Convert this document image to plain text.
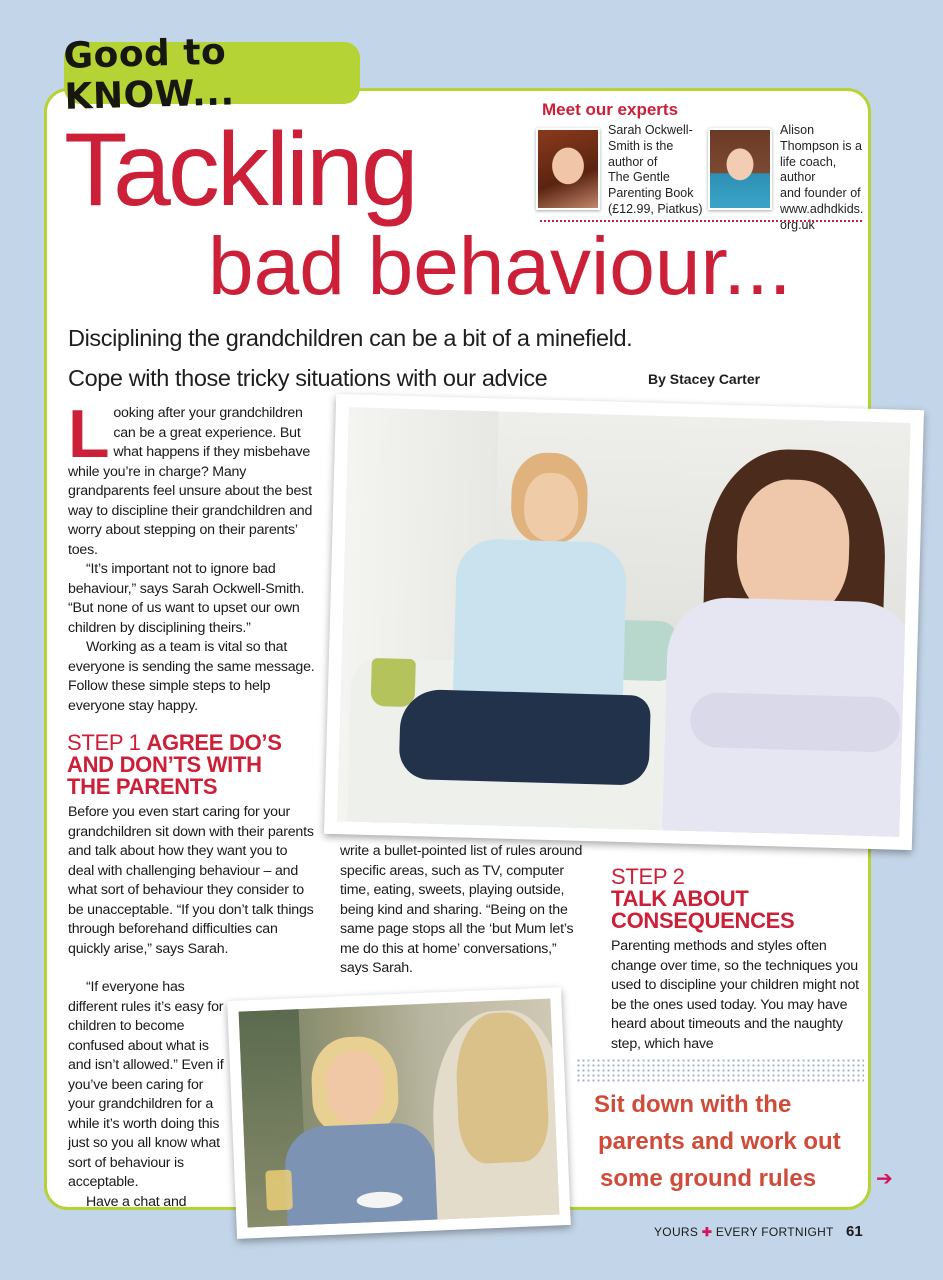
Good to KNOW...
Tackling
bad behaviour...
Meet our experts
Sarah Ockwell-
Smith is the
author of
The Gentle
Parenting Book
(£12.99, Piatkus)
Alison
Thompson is a
life coach, author
and founder of
www.adhdkids.
org.uk
Disciplining the grandchildren can be a bit of a minefield.
Cope with those tricky situations with our advice	By Stacey Carter
L ooking after your grandchildren can be a great experience. But what happens if they misbehave while you’re in charge? Many grandparents feel unsure about the best way to discipline their grandchildren and worry about stepping on their parents’ toes.

“It’s important not to ignore bad behaviour,” says Sarah Ockwell-Smith. “But none of us want to upset our own children by disciplining theirs.”

Working as a team is vital so that everyone is sending the same message. Follow these simple steps to help everyone stay happy.

STEP 1 AGREE DO’S
AND DON’TS WITH
THE PARENTS

Before you even start caring for your grandchildren sit down with their parents and talk about how they want you to deal with challenging behaviour – and what sort of behaviour they consider to be unacceptable. “If you don’t talk things through beforehand difficulties can quickly arise,” says Sarah.

“If everyone has different rules it’s easy for children to become confused about what is and isn’t allowed.” Even if you’ve been caring for your grandchildren for a while it’s worth doing this just so you all know what sort of behaviour is acceptable.

Have a chat and

write a bullet-pointed list of rules around specific areas, such as TV, computer time, eating, sweets, playing outside, being kind and sharing. “Being on the same page stops all the ‘but Mum let’s me do this at home’ conversations,” says Sarah.

STEP 2
TALK ABOUT
CONSEQUENCES

Parenting methods and styles often change over time, so the techniques you used to discipline your children might not be the ones used today. You may have heard about timeouts and the naughty step, which have

Sit down with the
parents and work out
some ground rules	➔
YOURS ✚ EVERY FORTNIGHT 61
